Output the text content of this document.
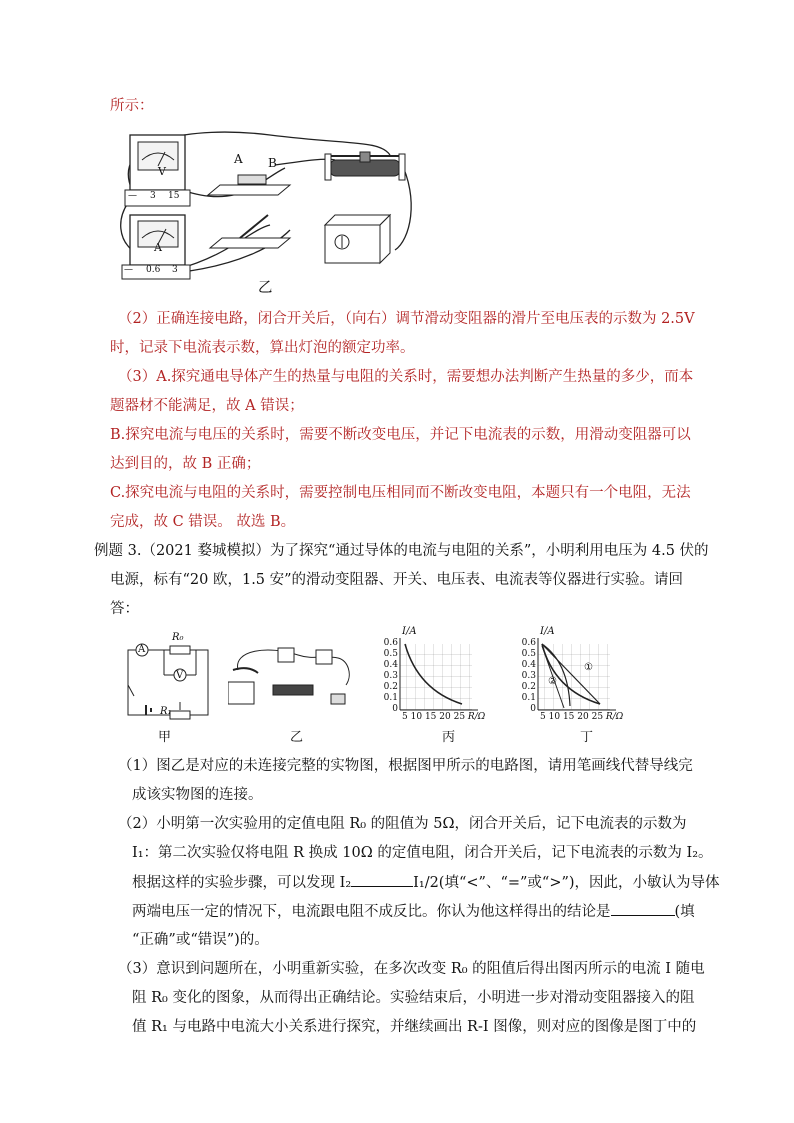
所示：
V
— 3 15
A
— 0.6 3
A B
乙
（2）正确连接电路，闭合开关后，（向右）调节滑动变阻器的滑片至电压表的示数为 2.5V
时，记录下电流表示数，算出灯泡的额定功率。
（3）A.探究通电导体产生的热量与电阻的关系时，需要想办法判断产生热量的多少，而本
题器材不能满足，故 A 错误；
B.探究电流与电压的关系时，需要不断改变电压，并记下电流表的示数，用滑动变阻器可以
达到目的，故 B 正确；
C.探究电流与电阻的关系时，需要控制电压相同而不断改变电阻，本题只有一个电阻，无法
完成，故 C 错误。 故选 B。
例题 3.（2021 婺城模拟）为了探究“通过导体的电流与电阻的关系”，小明利用电压为 4.5 伏的
电源，标有“20 欧，1.5 安”的滑动变阻器、开关、电压表、电流表等仪器进行实验。请回
答：
A
V
R₀
R₁
甲	乙
I/A
0.6
0.5
0.4
0.3
0.2
0.1
0
5 10 15 20 25 R/Ω
丙
I/A
0.6
0.5
0.4
0.3
0.2
0.1
0
5 10 15 20 25 R/Ω
①
②
丁
（1）图乙是对应的未连接完整的实物图，根据图甲所示的电路图，请用笔画线代替导线完
成该实物图的连接。
（2）小明第一次实验用的定值电阻 R₀ 的阻值为 5Ω，闭合开关后，记下电流表的示数为
I₁：第二次实验仅将电阻 R 换成 10Ω 的定值电阻，闭合开关后，记下电流表的示数为 I₂。
根据这样的实验步骤，可以发现 I₂	I₁/2(填“<”、“=”或“>”)，因此，小敏认为导体
两端电压一定的情况下，电流跟电阻不成反比。你认为他这样得出的结论是	(填
“正确”或“错误”)的。
（3）意识到问题所在，小明重新实验，在多次改变 R₀ 的阻值后得出图丙所示的电流 I 随电
阻 R₀ 变化的图象，从而得出正确结论。实验结束后，小明进一步对滑动变阻器接入的阻
值 R₁ 与电路中电流大小关系进行探究，并继续画出 R-I 图像，则对应的图像是图丁中的
